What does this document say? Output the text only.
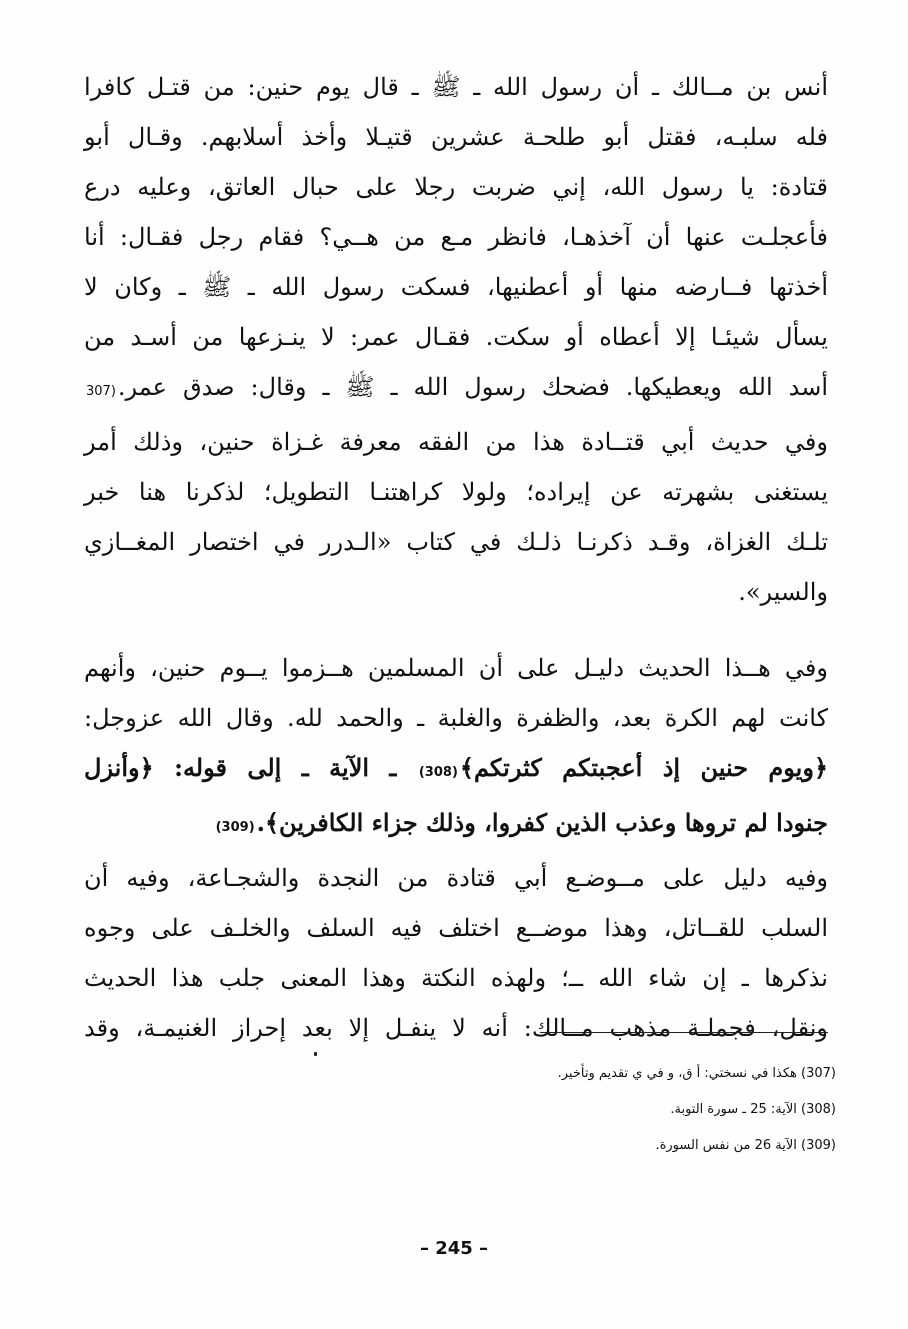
أنس بن مــالك ـ أن رسول الله ـ ﷺ ـ قال يوم حنين: من قتـل كافرا
فله سلبـه، فقتل أبو طلحـة عشرين قتيـلا وأخذ أسلابهم. وقـال أبو
قتادة: يا رسول الله، إني ضربت رجلا على حبال العاتق، وعليه درع
فأعجلـت عنها أن آخذهـا، فانظر مـع من هــي؟ فقام رجل فقـال: أنا
أخذتها فــارضه منها أو أعطنيها، فسكت رسول الله ـ ﷺ ـ وكان لا
يسأل شيئـا إلا أعطاه أو سكت. فقـال عمر: لا ينـزعها من أسـد من
أسد الله ويعطيكها. فضحك رسول الله ـ ﷺ ـ وقال: صدق عمر.(307

وفي حديث أبي قتــادة هذا من الفقه معرفة غـزاة حنين، وذلك أمر
يستغنى بشهرته عن إيراده؛ ولولا كراهتنـا التطويل؛ لذكرنا هنا خبر
تلـك الغزاة، وقـد ذكرنـا ذلـك في كتاب «الـدرر في اختصار المغــازي
والسير».

وفي هــذا الحديث دليـل على أن المسلمين هــزموا يــوم حنين، وأنهم
كانت لهم الكرة بعد، والظفرة والغلبة ـ والحمد لله. وقال الله عزوجل:
﴿ويوم حنين إذ أعجبتكم كثرتكم﴾(308) ـ الآية ـ إلى قوله: ﴿وأنزل
جنودا لم تروها وعذب الذين كفروا، وذلك جزاء الكافرين﴾.(309)

وفيه دليل على مــوضـع أبي قتادة من النجدة والشجـاعة، وفيه أن
السلب للقــاتل، وهذا موضــع اختلف فيه السلف والخلـف على وجوه
نذكرها ـ إن شاء الله ــ؛ ولهذه النكتة وهذا المعنى جلب هذا الحديث
ونقل، فجملـة مذهب مــالك: أنه لا ينفـل إلا بعد إحراز الغنيمـة، وقد

(307) هكذا في نسختي: أ ق، و في ي تقديم وتأخير.
(308) الآية: 25 ـ سورة التوبة.
(309) الآية 26 من نفس السورة.
– 245 –
